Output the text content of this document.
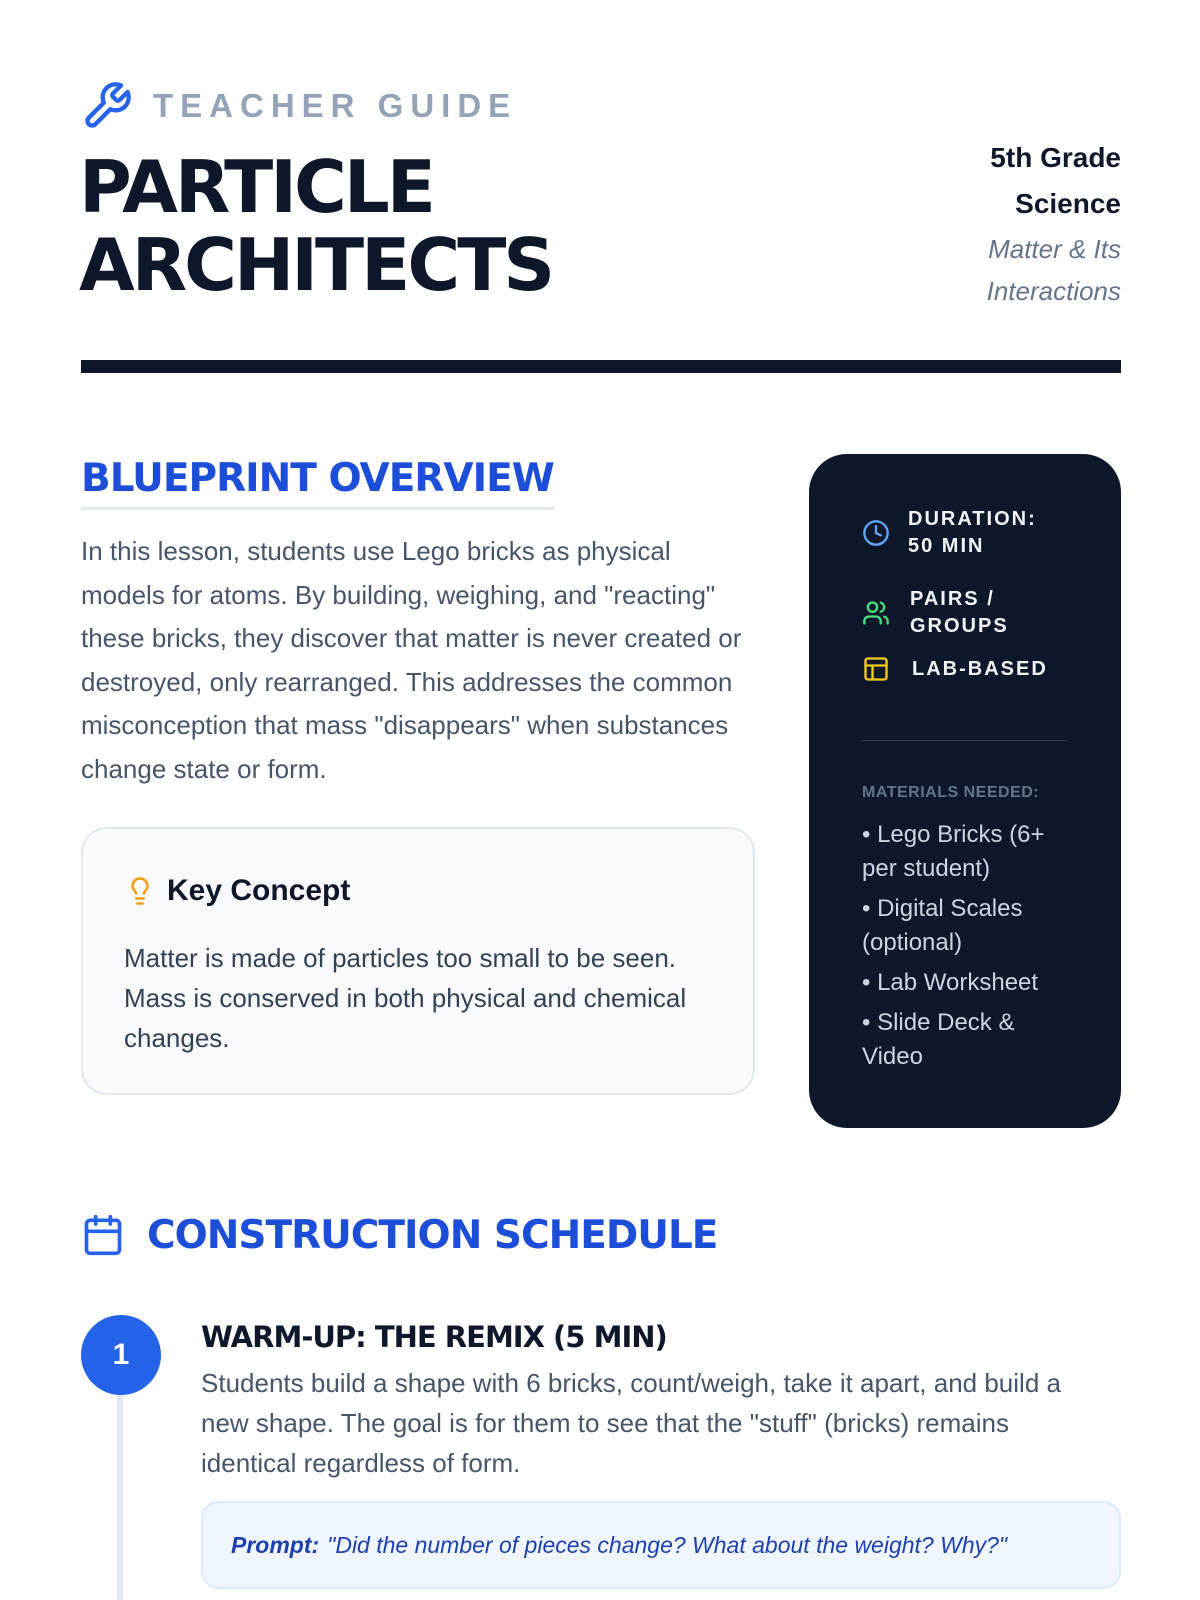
TEACHER GUIDE
PARTICLE
ARCHITECTS
5th Grade
Science
Matter & Its
Interactions
BLUEPRINT OVERVIEW

In this lesson, students use Lego bricks as physical models for atoms. By building, weighing, and "reacting" these bricks, they discover that matter is never created or destroyed, only rearranged. This addresses the common misconception that mass "disappears" when substances change state or form.

Key Concept

Matter is made of particles too small to be seen. Mass is conserved in both physical and chemical changes.

DURATION:
50 MIN
PAIRS /
GROUPS
LAB-BASED
MATERIALS NEEDED:
• Lego Bricks (6+ per student)
• Digital Scales (optional)
• Lab Worksheet
• Slide Deck & Video
CONSTRUCTION SCHEDULE
1
WARM-UP: THE REMIX (5 MIN)

Students build a shape with 6 bricks, count/weigh, take it apart, and build a new shape. The goal is for them to see that the "stuff" (bricks) remains identical regardless of form.

Prompt: "Did the number of pieces change? What about the weight? Why?"
